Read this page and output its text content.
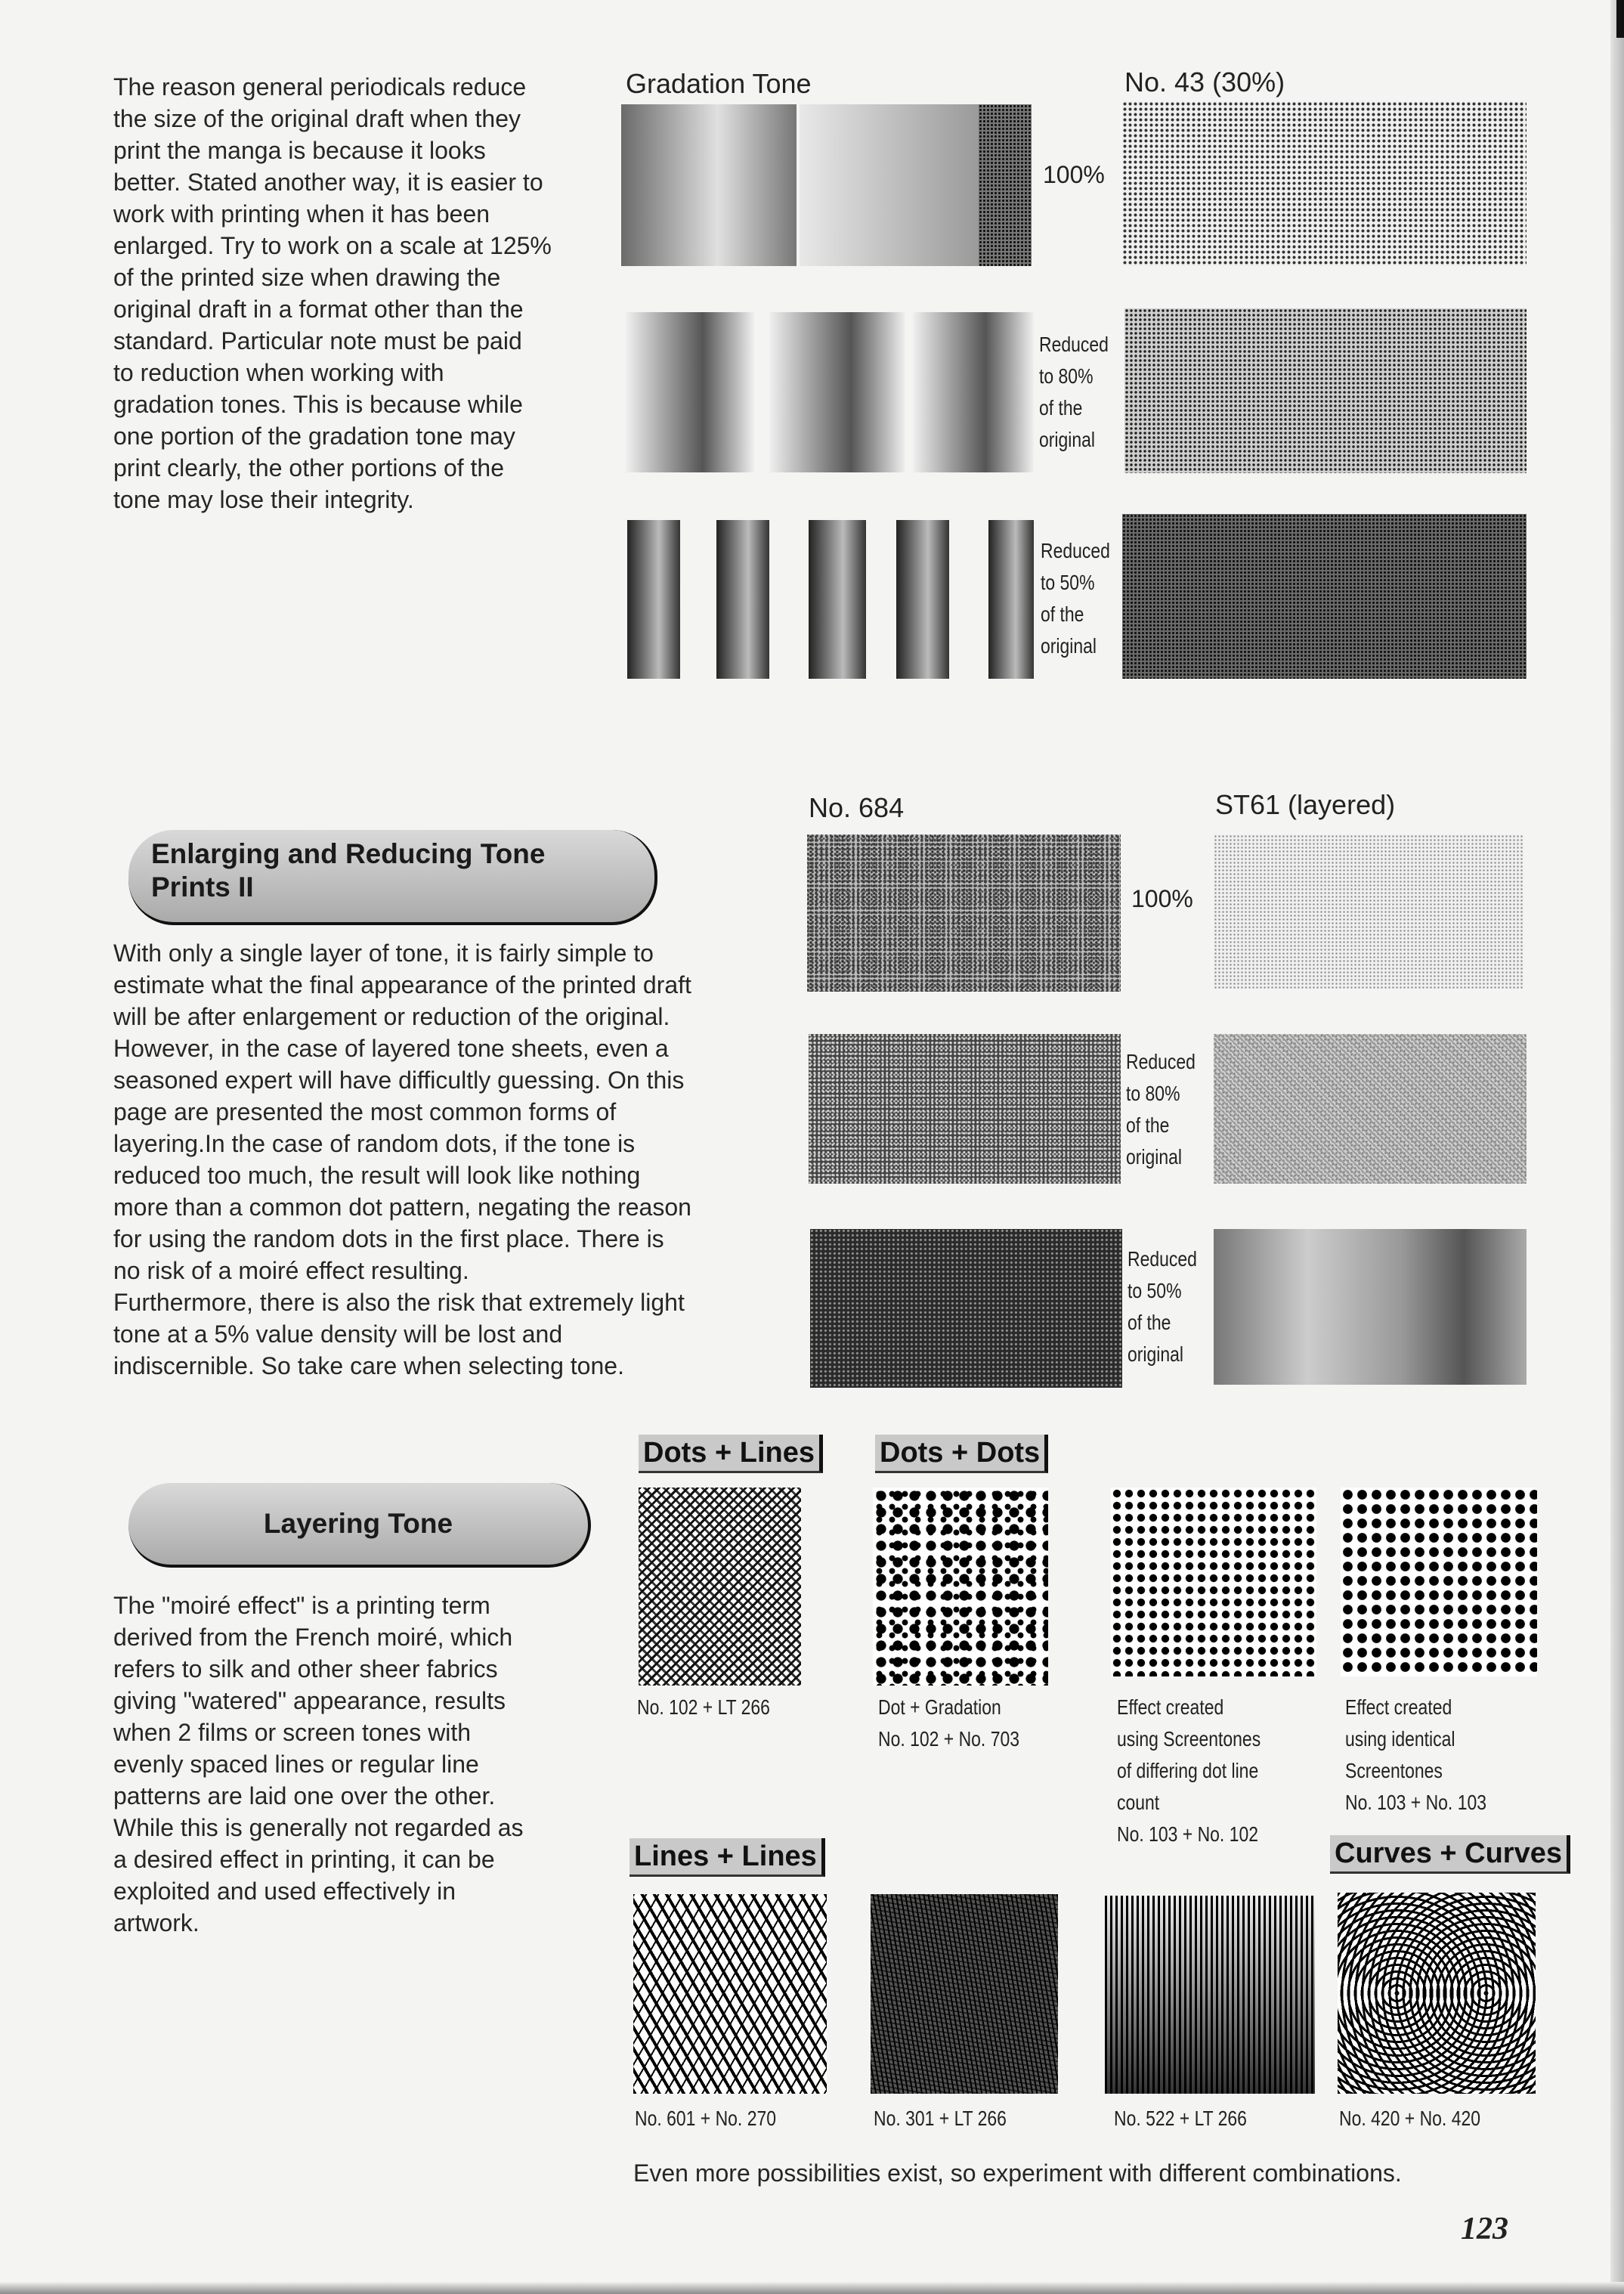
The reason general periodicals reduce
the size of the original draft when they
print the manga is because it looks
better. Stated another way, it is easier to
work with printing when it has been
enlarged. Try to work on a scale at 125%
of the printed size when drawing the
original draft in a format other than the
standard. Particular note must be paid
to reduction when working with
gradation tones. This is because while
one portion of the gradation tone may
print clearly, the other portions of the
tone may lose their integrity.
Gradation Tone	No. 43 (30%)
100%
Reduced
to 80%
of the
original
Reduced
to 50%
of the
original
Enlarging and Reducing Tone
Prints II
With only a single layer of tone, it is fairly simple to
estimate what the final appearance of the printed draft
will be after enlargement or reduction of the original.
However, in the case of layered tone sheets, even a
seasoned expert will have difficultly guessing. On this
page are presented the most common forms of
layering.In the case of random dots, if the tone is
reduced too much, the result will look like nothing
more than a common dot pattern, negating the reason
for using the random dots in the first place. There is
no risk of a moiré effect resulting.
Furthermore, there is also the risk that extremely light
tone at a 5% value density will be lost and
indiscernible. So take care when selecting tone.
No. 684	ST61 (layered)
100%
Reduced
to 80%
of the
original
Reduced
to 50%
of the
original
Layering Tone
The "moiré effect" is a printing term
derived from the French moiré, which
refers to silk and other sheer fabrics
giving "watered" appearance, results
when 2 films or screen tones with
evenly spaced lines or regular line
patterns are laid one over the other.
While this is generally not regarded as
a desired effect in printing, it can be
exploited and used effectively in
artwork.
Dots + Lines Dots + Dots
No. 102 + LT 266	Dot + Gradation
No. 102 + No. 703
Effect created
using Screentones
of differing dot line
count
No. 103 + No. 102
Effect created
using identical
Screentones
No. 103 + No. 103
Lines + Lines	Curves + Curves
No. 601 + No. 270	No. 301 + LT 266	No. 522 + LT 266	No. 420 + No. 420
Even more possibilities exist, so experiment with different combinations.
123
